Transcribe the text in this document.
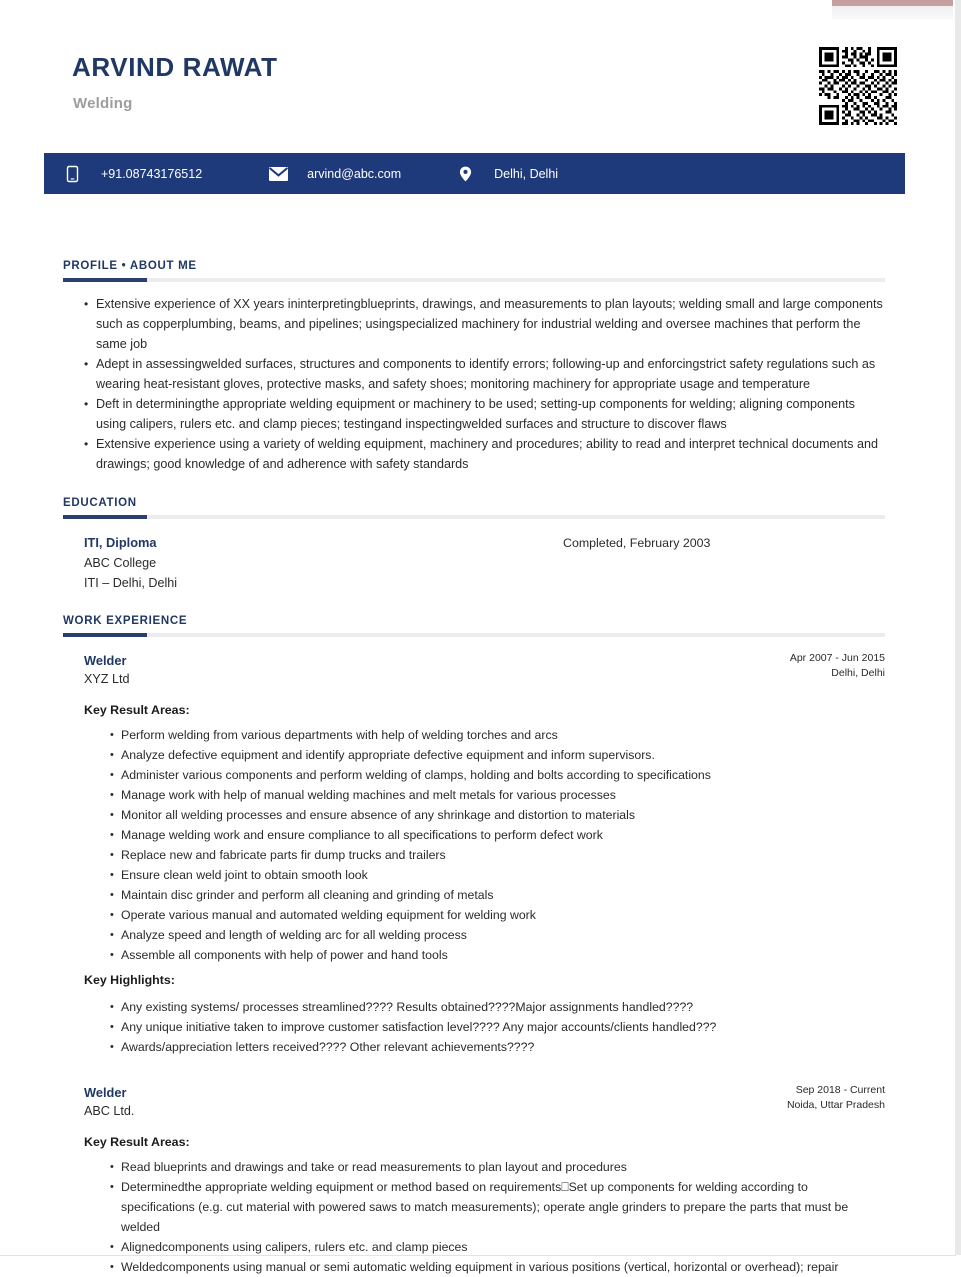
ARVIND RAWAT
Welding
+91.08743176512	arvind@abc.com	Delhi, Delhi
PROFILE • ABOUT ME
• Extensive experience of XX years ininterpretingblueprints, drawings, and measurements to plan layouts; welding small and large components such as copperplumbing, beams, and pipelines; usingspecialized machinery for industrial welding and oversee machines that perform the same job
• Adept in assessingwelded surfaces, structures and components to identify errors; following-up and enforcingstrict safety regulations such as wearing heat-resistant gloves, protective masks, and safety shoes; monitoring machinery for appropriate usage and temperature
• Deft in determiningthe appropriate welding equipment or machinery to be used; setting-up components for welding; aligning components using calipers, rulers etc. and clamp pieces; testingand inspectingwelded surfaces and structure to discover flaws
• Extensive experience using a variety of welding equipment, machinery and procedures; ability to read and interpret technical documents and drawings; good knowledge of and adherence with safety standards
EDUCATION
ITI, Diploma
ABC College
ITI – Delhi, Delhi
Completed, February 2003
WORK EXPERIENCE
Welder
XYZ Ltd
Apr 2007 - Jun 2015
Delhi, Delhi
Key Result Areas:
• Perform welding from various departments with help of welding torches and arcs
• Analyze defective equipment and identify appropriate defective equipment and inform supervisors.
• Administer various components and perform welding of clamps, holding and bolts according to specifications
• Manage work with help of manual welding machines and melt metals for various processes
• Monitor all welding processes and ensure absence of any shrinkage and distortion to materials
• Manage welding work and ensure compliance to all specifications to perform defect work
• Replace new and fabricate parts fir dump trucks and trailers
• Ensure clean weld joint to obtain smooth look
• Maintain disc grinder and perform all cleaning and grinding of metals
• Operate various manual and automated welding equipment for welding work
• Analyze speed and length of welding arc for all welding process
• Assemble all components with help of power and hand tools
Key Highlights:
• Any existing systems/ processes streamlined???? Results obtained????Major assignments handled????
• Any unique initiative taken to improve customer satisfaction level???? Any major accounts/clients handled???
• Awards/appreciation letters received???? Other relevant achievements????
Welder
ABC Ltd.
Sep 2018 - Current
Noida, Uttar Pradesh
Key Result Areas:
• Read blueprints and drawings and take or read measurements to plan layout and procedures
• Determinedthe appropriate welding equipment or method based on requirements⎕Set up components for welding according to specifications (e.g. cut material with powered saws to match measurements); operate angle grinders to prepare the parts that must be welded
• Alignedcomponents using calipers, rulers etc. and clamp pieces
• Weldedcomponents using manual or semi automatic welding equipment in various positions (vertical, horizontal or overhead); repair
